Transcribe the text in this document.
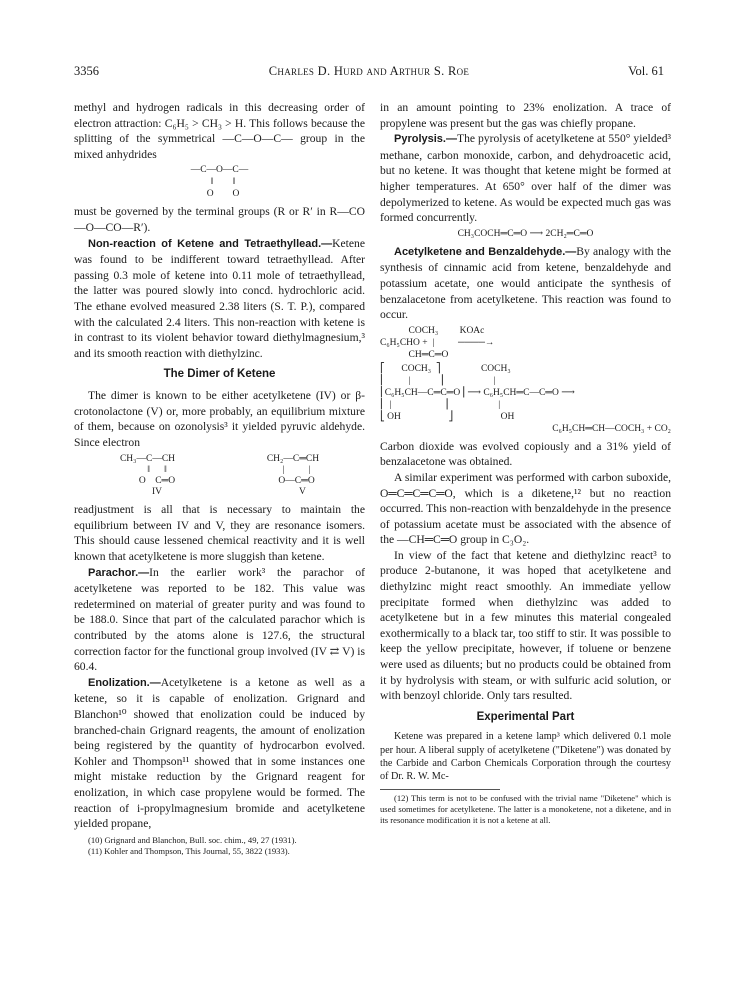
3356	Charles D. Hurd and Arthur S. Roe	Vol. 61

methyl and hydrogen radicals in this decreasing order of electron attraction: C₆H₅ > CH₃ > H. This follows because the splitting of the symmetrical —C—O—C— group in the mixed anhydrides

—C—O—C—
‖        ‖
O        O

must be governed by the terminal groups (R or R′ in R—CO—O—CO—R′).

Non-reaction of Ketene and Tetraethyllead.—Ketene was found to be indifferent toward tetraethyllead. After passing 0.3 mole of ketene into 0.11 mole of tetraethyllead, the latter was poured slowly into concd. hydrochloric acid. The ethane evolved measured 2.38 liters (S. T. P.), compared with the calculated 2.4 liters. This non-reaction with ketene is in contrast to its violent behavior toward diethylmagnesium,³ and its smooth reaction with diethylzinc.

The Dimer of Ketene

The dimer is known to be either acetylketene (IV) or β-crotonolactone (V) or, more probably, an equilibrium mixture of them, because on ozonolysis³ it yielded pyruvic aldehyde. Since electron

CH₃—C—CH
‖      ‖
O    C═O
IV
CH₂—C═CH
|          |
O—C═O
V

readjustment is all that is necessary to maintain the equilibrium between IV and V, they are resonance isomers. This should cause lessened chemical reactivity and it is well known that acetylketene is more sluggish than ketene.

Parachor.—In the earlier work³ the parachor of acetylketene was reported to be 182. This value was redetermined on material of greater purity and was found to be 188.0. Since that part of the calculated parachor which is contributed by the atoms alone is 127.6, the structural correction factor for the functional group involved (IV ⇄ V) is 60.4.

Enolization.—Acetylketene is a ketone as well as a ketene, so it is capable of enolization. Grignard and Blanchon¹⁰ showed that enolization could be induced by branched-chain Grignard reagents, the amount of enolization being registered by the quantity of hydrocarbon evolved. Kohler and Thompson¹¹ showed that in some instances one might mistake reduction by the Grignard reagent for enolization, in which case propylene would be formed. The reaction of i-propylmagnesium bromide and acetylketene yielded propane,

(10) Grignard and Blanchon, Bull. soc. chim., 49, 27 (1931).

(11) Kohler and Thompson, This Journal, 55, 3822 (1933).

in an amount pointing to 23% enolization. A trace of propylene was present but the gas was chiefly propane.

Pyrolysis.—The pyrolysis of acetylketene at 550° yielded³ methane, carbon monoxide, carbon, and dehydroacetic acid, but no ketene. It was thought that ketene might be formed at higher temperatures. At 650° over half of the dimer was depolymerized to ketene. As would be expected much gas was formed concurrently.

CH₃COCH═C═O ⟶ 2CH₂═C═O

Acetylketene and Benzaldehyde.—By analogy with the synthesis of cinnamic acid from ketene, benzaldehyde and potassium acetate, one would anticipate the synthesis of benzalacetone from acetylketene. This reaction was found to occur.

COCH₃         KOAc
C₆H₅CHO +  |          ────→
CH═C═O
⎡       COCH₃  ⎤                 COCH₃
⎢          |            ⎥                     |
⎢C₆H₅CH—C═C═O⎥ ⟶ C₆H₅CH═C—C═O ⟶
⎢  |                      ⎥                     |
⎣ OH                    ⎦                    OH
C₆H₅CH═CH—COCH₃ + CO₂

Carbon dioxide was evolved copiously and a 31% yield of benzalacetone was obtained.

A similar experiment was performed with carbon suboxide, O═C═C═C═O, which is a diketene,¹² but no reaction occurred. This non-reaction with benzaldehyde in the presence of potassium acetate must be associated with the absence of the —CH═C═O group in C₃O₂.

In view of the fact that ketene and diethylzinc react³ to produce 2-butanone, it was hoped that acetylketene and diethylzinc might react smoothly. An immediate yellow precipitate formed when diethylzinc was added to acetylketene but in a few minutes this material congealed exothermically to a black tar, too stiff to stir. It was possible to keep the yellow precipitate, however, if toluene or benzene were used as diluents; but no products could be obtained from it by hydrolysis with steam, or with sulfuric acid solution, or with benzoyl chloride. Only tars resulted.

Experimental Part

Ketene was prepared in a ketene lamp³ which delivered 0.1 mole per hour. A liberal supply of acetylketene ("Diketene") was donated by the Carbide and Carbon Chemicals Corporation through the courtesy of Dr. R. W. Mc-

(12) This term is not to be confused with the trivial name "Diketene" which is used sometimes for acetylketene. The latter is a monoketene, not a diketene, and in its resonance modification it is not a ketene at all.
